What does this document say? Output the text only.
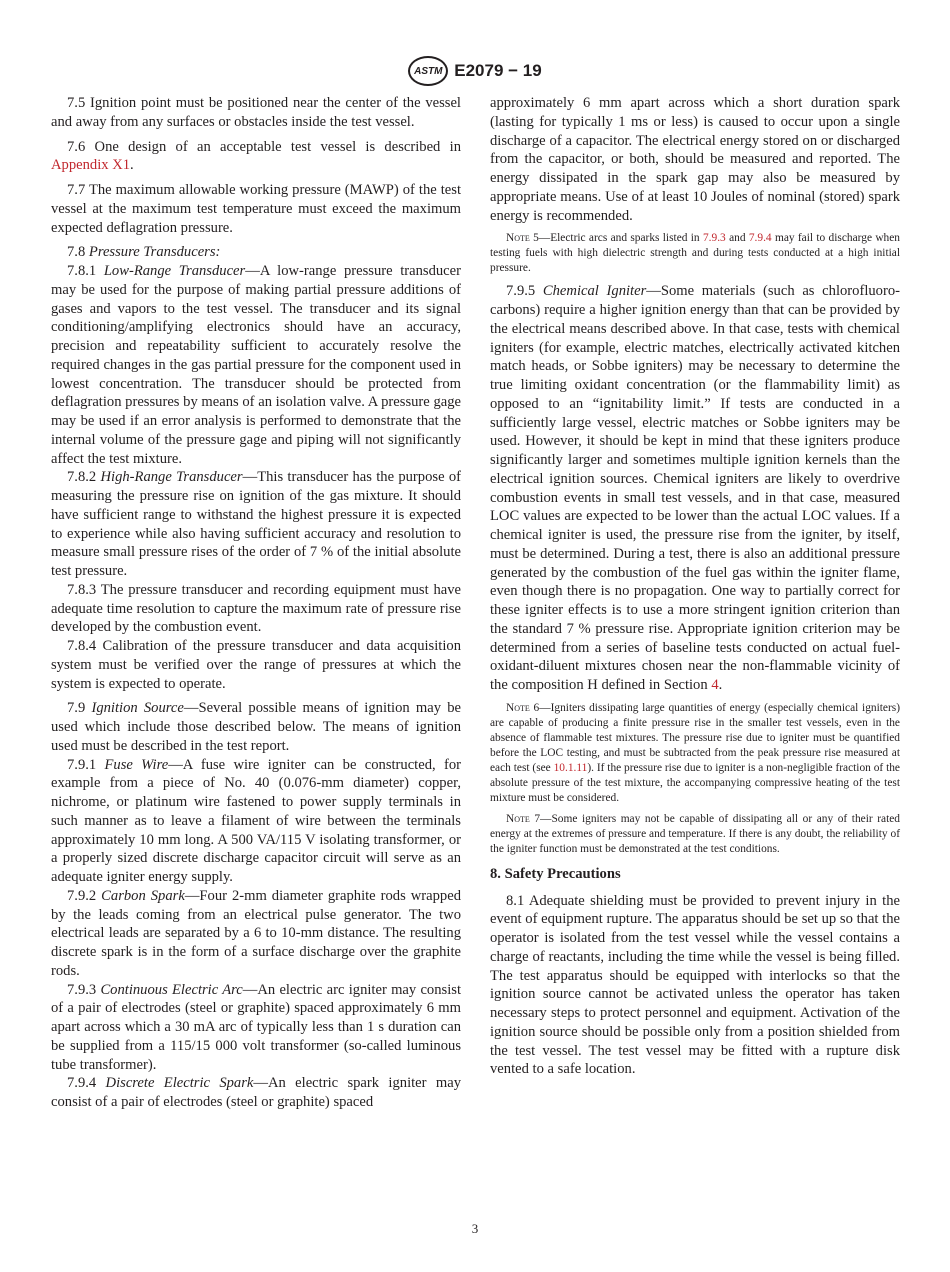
ASTM E2079 − 19

7.5 Ignition point must be positioned near the center of the vessel and away from any surfaces or obstacles inside the test vessel.

7.6 One design of an acceptable test vessel is described in Appendix X1.

7.7 The maximum allowable working pressure (MAWP) of the test vessel at the maximum test temperature must exceed the maximum expected deflagration pressure.

7.8 Pressure Transducers:

7.8.1 Low-Range Transducer—A low-range pressure transducer may be used for the purpose of making partial pressure additions of gases and vapors to the test vessel. The transducer and its signal conditioning/amplifying electronics should have an accuracy, precision and repeatability sufficient to accurately resolve the required changes in the gas partial pressure for the component used in lowest concentration. The transducer should be protected from deflagration pressures by means of an isolation valve. A pressure gage may be used if an error analysis is performed to demonstrate that the internal volume of the pressure gage and piping will not significantly affect the test mixture.

7.8.2 High-Range Transducer—This transducer has the purpose of measuring the pressure rise on ignition of the gas mixture. It should have sufficient range to withstand the highest pressure it is expected to experience while also having sufficient accuracy and resolution to measure small pressure rises of the order of 7 % of the initial absolute test pressure.

7.8.3 The pressure transducer and recording equipment must have adequate time resolution to capture the maximum rate of pressure rise developed by the combustion event.

7.8.4 Calibration of the pressure transducer and data acquisition system must be verified over the range of pressures at which the system is expected to operate.

7.9 Ignition Source—Several possible means of ignition may be used which include those described below. The means of ignition used must be described in the test report.

7.9.1 Fuse Wire—A fuse wire igniter can be constructed, for example from a piece of No. 40 (0.076-mm diameter) copper, nichrome, or platinum wire fastened to power supply terminals in such manner as to leave a filament of wire between the terminals approximately 10 mm long. A 500 VA/115 V isolating transformer, or a properly sized discrete discharge capacitor circuit will serve as an adequate igniter energy supply.

7.9.2 Carbon Spark—Four 2-mm diameter graphite rods wrapped by the leads coming from an electrical pulse generator. The two electrical leads are separated by a 6 to 10-mm distance. The resulting discrete spark is in the form of a surface discharge over the graphite rods.

7.9.3 Continuous Electric Arc—An electric arc igniter may consist of a pair of electrodes (steel or graphite) spaced approximately 6 mm apart across which a 30 mA arc of typically less than 1 s duration can be supplied from a 115/15 000 volt transformer (so-called luminous tube transformer).

7.9.4 Discrete Electric Spark—An electric spark igniter may consist of a pair of electrodes (steel or graphite) spaced

approximately 6 mm apart across which a short duration spark (lasting for typically 1 ms or less) is caused to occur upon a single discharge of a capacitor. The electrical energy stored on or discharged from the capacitor, or both, should be measured and reported. The energy dissipated in the spark gap may also be measured by appropriate means. Use of at least 10 Joules of nominal (stored) spark energy is recommended.

Note 5—Electric arcs and sparks listed in 7.9.3 and 7.9.4 may fail to discharge when testing fuels with high dielectric strength and during tests conducted at a high initial pressure.

7.9.5 Chemical Igniter—Some materials (such as chlorofluoro-carbons) require a higher ignition energy than that can be provided by the electrical means described above. In that case, tests with chemical igniters (for example, electric matches, electrically activated kitchen match heads, or Sobbe igniters) may be necessary to determine the true limiting oxidant concentration (or the flammability limit) as opposed to an “ignitability limit.” If tests are conducted in a sufficiently large vessel, electric matches or Sobbe igniters may be used. However, it should be kept in mind that these igniters produce significantly larger and sometimes multiple ignition kernels than the electrical ignition sources. Chemical igniters are likely to overdrive combustion events in small test vessels, and in that case, measured LOC values are expected to be lower than the actual LOC values. If a chemical igniter is used, the pressure rise from the igniter, by itself, must be determined. During a test, there is also an additional pressure generated by the combustion of the fuel gas within the igniter flame, even though there is no propagation. One way to partially correct for these igniter effects is to use a more stringent ignition criterion than the standard 7 % pressure rise. Appropriate ignition criterion may be determined from a series of baseline tests conducted on actual fuel-oxidant-diluent mixtures chosen near the non-flammable vicinity of the composition H defined in Section 4.

Note 6—Igniters dissipating large quantities of energy (especially chemical igniters) are capable of producing a finite pressure rise in the smaller test vessels, even in the absence of flammable test mixtures. The pressure rise due to igniter must be quantified before the LOC testing, and must be subtracted from the peak pressure rise measured at each test (see 10.1.11). If the pressure rise due to igniter is a non-negligible fraction of the absolute pressure of the test mixture, the accompanying compressive heating of the test mixture must be considered.
Note 7—Some igniters may not be capable of dissipating all or any of their rated energy at the extremes of pressure and temperature. If there is any doubt, the reliability of the igniter function must be demonstrated at the test conditions.
8. Safety Precautions

8.1 Adequate shielding must be provided to prevent injury in the event of equipment rupture. The apparatus should be set up so that the operator is isolated from the test vessel while the vessel contains a charge of reactants, including the time while the vessel is being filled. The test apparatus should be equipped with interlocks so that the ignition source cannot be activated unless the operator has taken necessary steps to protect personnel and equipment. Activation of the ignition source should be possible only from a position shielded from the test vessel. The test vessel may be fitted with a rupture disk vented to a safe location.

3
